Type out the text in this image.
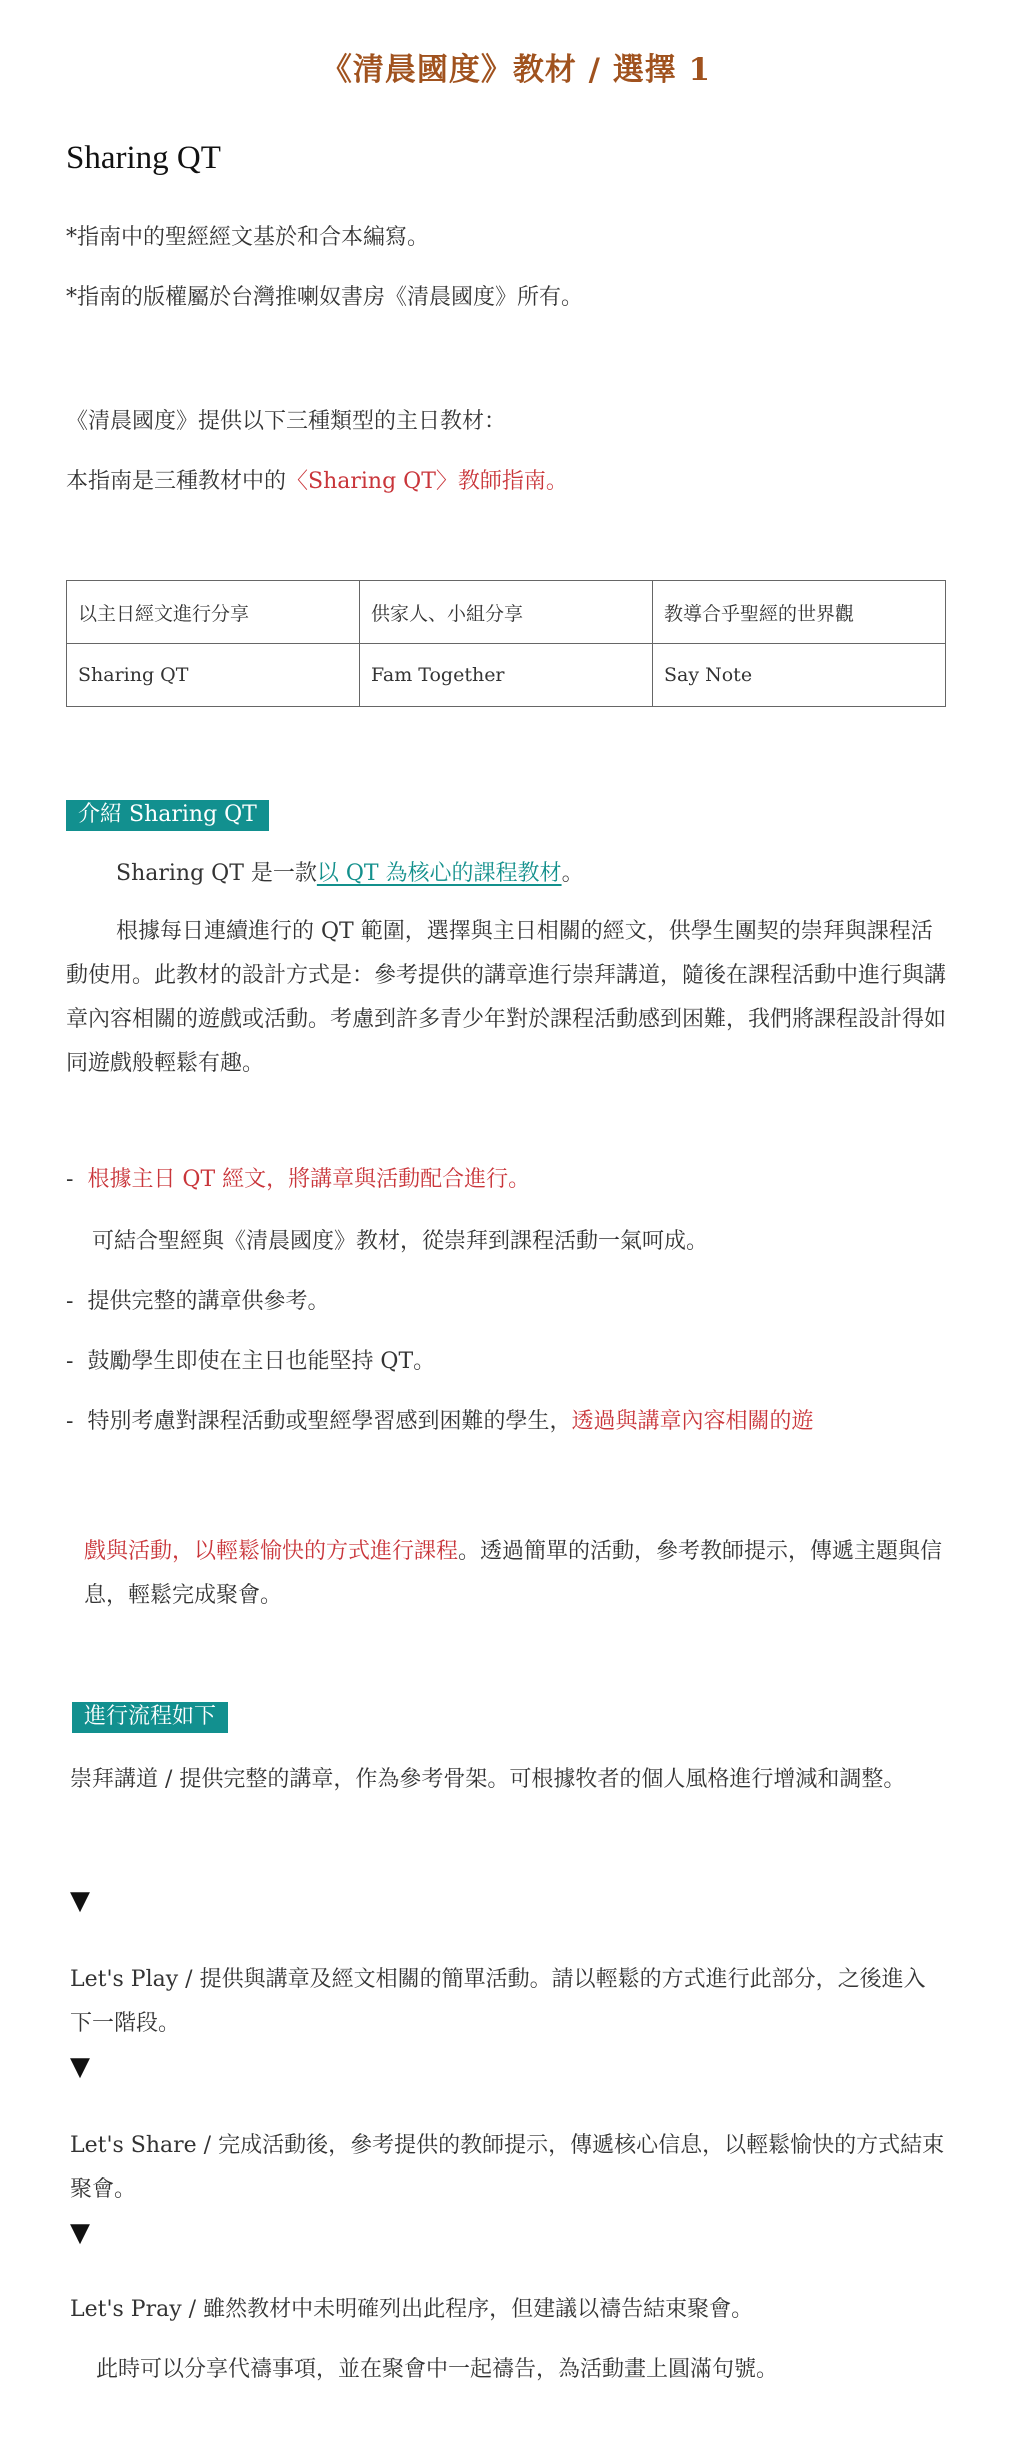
《清晨國度》教材 / 選擇 1
Sharing QT
*指南中的聖經經文基於和合本編寫。
*指南的版權屬於台灣推喇奴書房《清晨國度》所有。
《清晨國度》提供以下三種類型的主日教材：
本指南是三種教材中的〈Sharing QT〉教師指南。
以主日經文進行分享	供家人、小組分享	教導合乎聖經的世界觀
Sharing QT	Fam Together	Say Note
介紹 Sharing QT
Sharing QT 是一款以 QT 為核心的課程教材。
根據每日連續進行的 QT 範圍，選擇與主日相關的經文，供學生團契的崇拜與課程活動使用。此教材的設計方式是：參考提供的講章進行崇拜講道，隨後在課程活動中進行與講章內容相關的遊戲或活動。考慮到許多青少年對於課程活動感到困難，我們將課程設計得如同遊戲般輕鬆有趣。
- 根據主日 QT 經文，將講章與活動配合進行。
可結合聖經與《清晨國度》教材，從崇拜到課程活動一氣呵成。
- 提供完整的講章供參考。
- 鼓勵學生即使在主日也能堅持 QT。
- 特別考慮對課程活動或聖經學習感到困難的學生，透過與講章內容相關的遊
戲與活動，以輕鬆愉快的方式進行課程。透過簡單的活動，參考教師提示，傳遞主題與信息，輕鬆完成聚會。
進行流程如下
崇拜講道 / 提供完整的講章，作為參考骨架。可根據牧者的個人風格進行增減和調整。
▼
Let's Play / 提供與講章及經文相關的簡單活動。請以輕鬆的方式進行此部分，之後進入下一階段。
▼
Let's Share / 完成活動後，參考提供的教師提示，傳遞核心信息，以輕鬆愉快的方式結束聚會。
▼
Let's Pray / 雖然教材中未明確列出此程序，但建議以禱告結束聚會。
此時可以分享代禱事項，並在聚會中一起禱告，為活動畫上圓滿句號。
